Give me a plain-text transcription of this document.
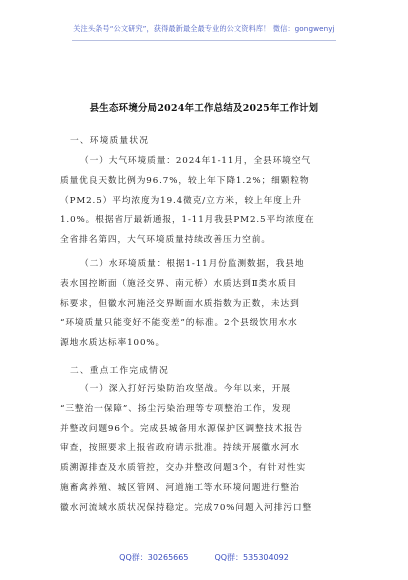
关注头条号“公文研究”，获得最新最全最专业的公文资料库！ 微信：gongwenyj
县生态环境分局2024年工作总结及2025年工作计划
一、环境质量状况
（一）大气环境质量：2024年1-11月，全县环境空气
质量优良天数比例为96.7%，较上年下降1.2%；细颗粒物
（PM2.5）平均浓度为19.4微克/立方米，较上年度上升
1.0%。根据省厅最新通报，1-11月我县PM2.5平均浓度在
全省排名第四，大气环境质量持续改善压力空前。
（二）水环境质量：根据1-11月份监测数据，我县地
表水国控断面（施泾交界、南元桥）水质达到Ⅱ类水质目
标要求，但徽水河施泾交界断面水质指数为正数，未达到
“环境质量只能变好不能变差”的标准。2个县级饮用水水
源地水质达标率100%。
二、重点工作完成情况
（一）深入打好污染防治攻坚战。今年以来，开展
“三整治一保障”、扬尘污染治理等专项整治工作，发现
并整改问题96个。完成县城备用水源保护区调整技术报告
审查，按照要求上报省政府请示批准。持续开展徽水河水
质溯源排查及水质管控，交办并整改问题3个，有针对性实
施畜禽养殖、城区管网、河道施工等水环境问题进行整治
徽水河流域水质状况保持稳定。完成70%问题入河排污口整
QQ群：30265665	QQ群：535304092
